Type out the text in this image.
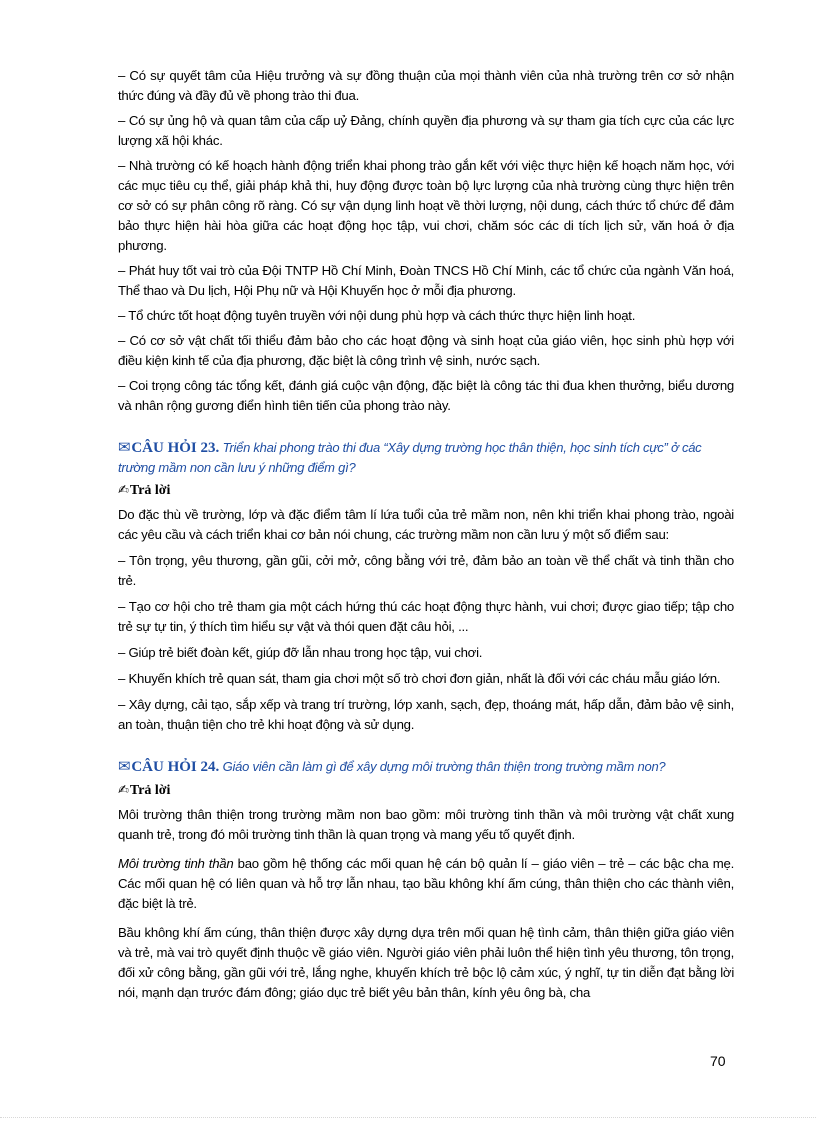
– Có sự quyết tâm của Hiệu trưởng và sự đồng thuận của mọi thành viên của nhà trường trên cơ sở nhận thức đúng và đầy đủ về phong trào thi đua.

– Có sự ủng hộ và quan tâm của cấp uỷ Đảng, chính quyền địa phương và sự tham gia tích cực của các lực lượng xã hội khác.

– Nhà trường có kế hoạch hành động triển khai phong trào gắn kết với việc thực hiện kế hoạch năm học, với các mục tiêu cụ thể, giải pháp khả thi, huy động được toàn bộ lực lượng của nhà trường cùng thực hiện trên cơ sở có sự phân công rõ ràng. Có sự vận dụng linh hoạt về thời lượng, nội dung, cách thức tổ chức để đảm bảo thực hiện hài hòa giữa các hoạt động học tập, vui chơi, chăm sóc các di tích lịch sử, văn hoá ở địa phương.

– Phát huy tốt vai trò của Đội TNTP Hồ Chí Minh, Đoàn TNCS Hồ Chí Minh, các tổ chức của ngành Văn hoá, Thể thao và Du lịch, Hội Phụ nữ và Hội Khuyến học ở mỗi địa phương.

– Tổ chức tốt hoạt động tuyên truyền với nội dung phù hợp và cách thức thực hiện linh hoạt.

– Có cơ sở vật chất tối thiểu đảm bảo cho các hoạt động và sinh hoạt của giáo viên, học sinh phù hợp với điều kiện kinh tế của địa phương, đặc biệt là công trình vệ sinh, nước sạch.

– Coi trọng công tác tổng kết, đánh giá cuộc vận động, đặc biệt là công tác thi đua khen thưởng, biểu dương và nhân rộng gương điển hình tiên tiến của phong trào này.

✉CÂU HỎI 23. Triển khai phong trào thi đua “Xây dựng trường học thân thiện, học sinh tích cực” ở các trường mầm non cần lưu ý những điểm gì?
✍Trả lời

Do đặc thù về trường, lớp và đặc điểm tâm lí lứa tuổi của trẻ mầm non, nên khi triển khai phong trào, ngoài các yêu cầu và cách triển khai cơ bản nói chung, các trường mầm non cần lưu ý một số điểm sau:

– Tôn trọng, yêu thương, gần gũi, cởi mở, công bằng với trẻ, đảm bảo an toàn về thể chất và tinh thần cho trẻ.

– Tạo cơ hội cho trẻ tham gia một cách hứng thú các hoạt động thực hành, vui chơi; được giao tiếp; tập cho trẻ sự tự tin, ý thích tìm hiểu sự vật và thói quen đặt câu hỏi, ...

– Giúp trẻ biết đoàn kết, giúp đỡ lẫn nhau trong học tập, vui chơi.

– Khuyến khích trẻ quan sát, tham gia chơi một số trò chơi đơn giản, nhất là đối với các cháu mẫu giáo lớn.

– Xây dựng, cải tạo, sắp xếp và trang trí trường, lớp xanh, sạch, đẹp, thoáng mát, hấp dẫn, đảm bảo vệ sinh, an toàn, thuận tiện cho trẻ khi hoạt động và sử dụng.

✉CÂU HỎI 24. Giáo viên cần làm gì để xây dựng môi trường thân thiện trong trường mầm non?
✍Trả lời

Môi trường thân thiện trong trường mầm non bao gồm: môi trường tinh thần và môi trường vật chất xung quanh trẻ, trong đó môi trường tinh thần là quan trọng và mang yếu tố quyết định.

Môi trường tinh thần bao gồm hệ thống các mối quan hệ cán bộ quản lí – giáo viên – trẻ – các bậc cha mẹ. Các mối quan hệ có liên quan và hỗ trợ lẫn nhau, tạo bầu không khí ấm cúng, thân thiện cho các thành viên, đặc biệt là trẻ.

Bầu không khí ấm cúng, thân thiện được xây dựng dựa trên mối quan hệ tình cảm, thân thiện giữa giáo viên và trẻ, mà vai trò quyết định thuộc về giáo viên. Người giáo viên phải luôn thể hiện tình yêu thương, tôn trọng, đối xử công bằng, gần gũi với trẻ, lắng nghe, khuyến khích trẻ bộc lộ cảm xúc, ý nghĩ, tự tin diễn đạt bằng lời nói, mạnh dạn trước đám đông; giáo dục trẻ biết yêu bản thân, kính yêu ông bà, cha

70
